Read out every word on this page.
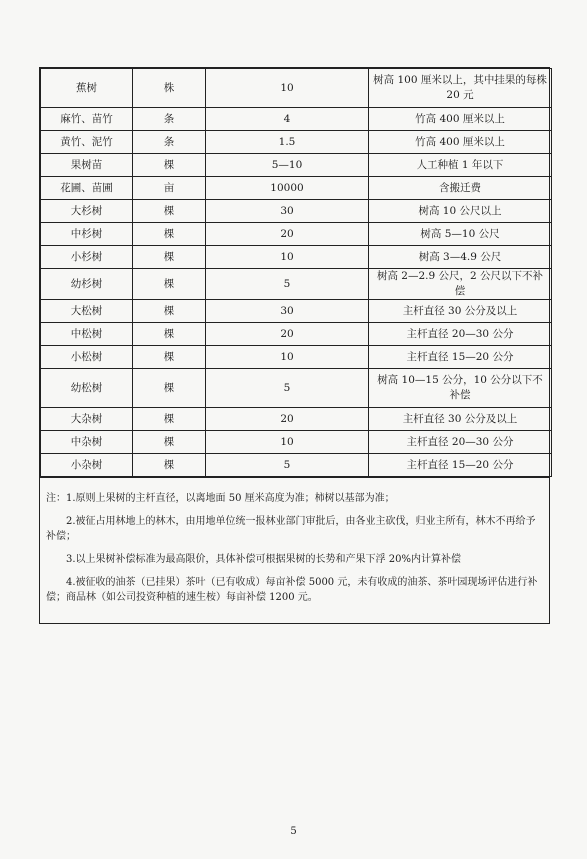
蕉树	株	10	树高 100 厘米以上，其中挂果的每株 20 元
麻竹、苗竹	条	4	竹高 400 厘米以上
黄竹、泥竹	条	1.5	竹高 400 厘米以上
果树苗	棵	5—10	人工种植 1 年以下
花圃、苗圃	亩	10000	含搬迁费
大杉树	棵	30	树高 10 公尺以上
中杉树	棵	20	树高 5—10 公尺
小杉树	棵	10	树高 3—4.9 公尺
幼杉树	棵	5	树高 2—2.9 公尺，2 公尺以下不补偿
大松树	棵	30	主杆直径 30 公分及以上
中松树	棵	20	主杆直径 20—30 公分
小松树	棵	10	主杆直径 15—20 公分
幼松树	棵	5	树高 10—15 公分，10 公分以下不补偿
大杂树	棵	20	主杆直径 30 公分及以上
中杂树	棵	10	主杆直径 20—30 公分
小杂树	棵	5	主杆直径 15—20 公分

注：1.原则上果树的主杆直径，以离地面 50 厘米高度为准；柿树以基部为准；

2.被征占用林地上的林木，由用地单位统一报林业部门审批后，由各业主砍伐，归业主所有，林木不再给予补偿；

3.以上果树补偿标准为最高限价，具体补偿可根据果树的长势和产果下浮 20%内计算补偿

4.被征收的油茶（已挂果）茶叶（已有收成）每亩补偿 5000 元，未有收成的油茶、茶叶园现场评估进行补偿；商品林（如公司投资种植的速生桉）每亩补偿 1200 元。

5
